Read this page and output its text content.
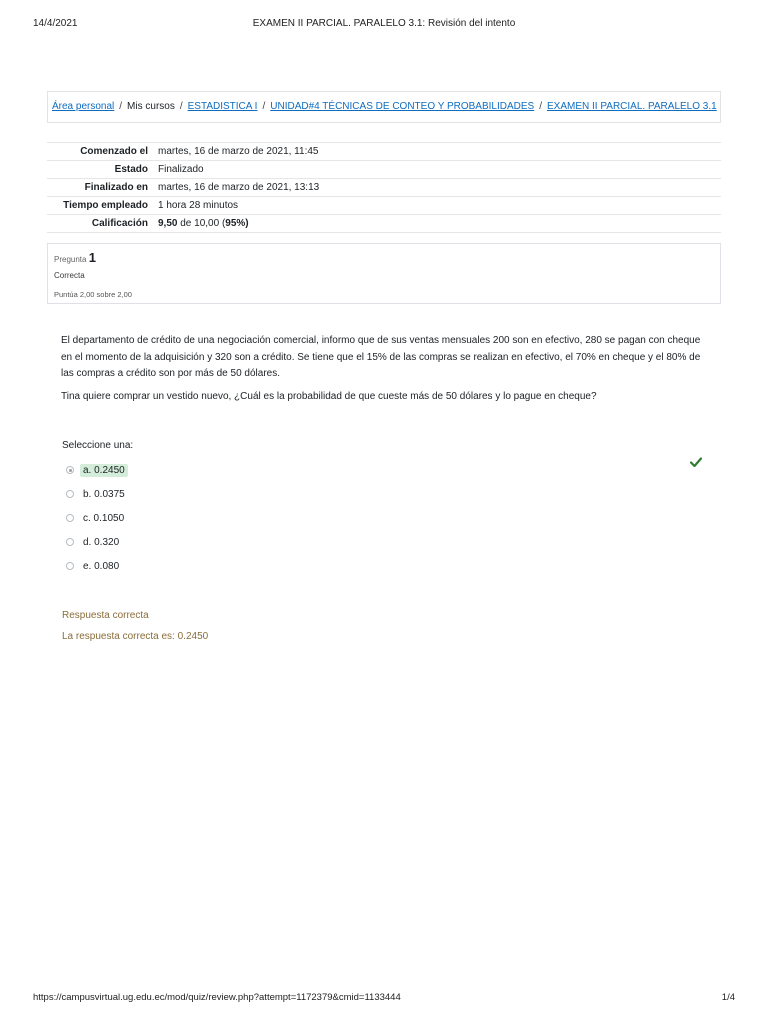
14/4/2021	EXAMEN II PARCIAL. PARALELO 3.1: Revisión del intento
Área personal / Mis cursos / ESTADISTICA I / UNIDAD#4 TÉCNICAS DE CONTEO Y PROBABILIDADES / EXAMEN II PARCIAL. PARALELO 3.1
Comenzado el	martes, 16 de marzo de 2021, 11:45
Estado	Finalizado
Finalizado en	martes, 16 de marzo de 2021, 13:13
Tiempo empleado	1 hora 28 minutos
Calificación	9,50 de 10,00 (95%)
Pregunta 1
Correcta
Puntúa 2,00 sobre 2,00

El departamento de crédito de una negociación comercial, informo que de sus ventas mensuales 200 son en efectivo, 280 se pagan con cheque en el momento de la adquisición y 320 son a crédito. Se tiene que el 15% de las compras se realizan en efectivo, el 70% en cheque y el 80% de las compras a crédito son por más de 50 dólares.

Tina quiere comprar un vestido nuevo, ¿Cuál es la probabilidad de que cueste más de 50 dólares y lo pague en cheque?

Seleccione una:
a. 0.2450
b. 0.0375
c. 0.1050
d. 0.320
e. 0.080
Respuesta correcta
La respuesta correcta es: 0.2450
https://campusvirtual.ug.edu.ec/mod/quiz/review.php?attempt=1172379&cmid=1133444	1/4
